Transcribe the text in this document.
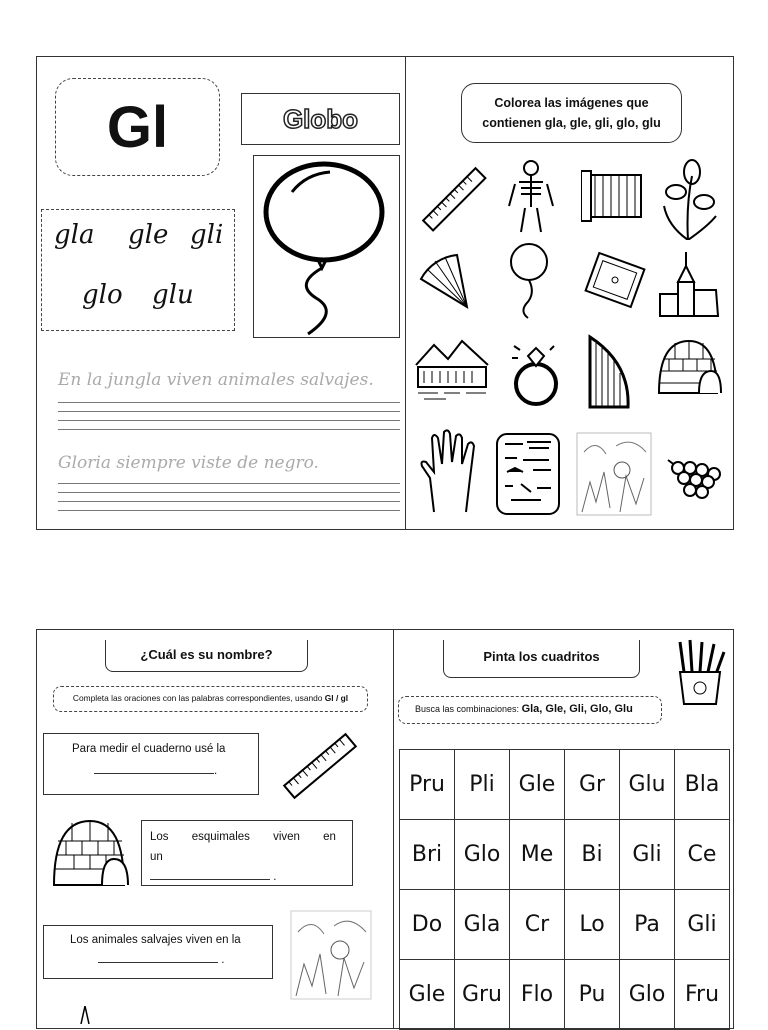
Gl	Globo
gla gle gli
glo glu
En la jungla viven animales salvajes.
Gloria siempre viste de negro.
Colorea las imágenes que
contienen gla, gle, gli, glo, glu
¿Cuál es su nombre?
Completa las oraciones con las palabras correspondientes, usando Gl / gl
Para medir el cuaderno usé la
.
Los esquimales viven en un
.
Los animales salvajes viven en la
.
Pinta los cuadritos
Busca las combinaciones: Gla, Gle, Gli, Glo, Glu
Pru	Pli	Gle	Gr	Glu	Bla
Bri	Glo	Me	Bi	Gli	Ce
Do	Gla	Cr	Lo	Pa	Gli
Gle	Gru	Flo	Pu	Glo	Fru
